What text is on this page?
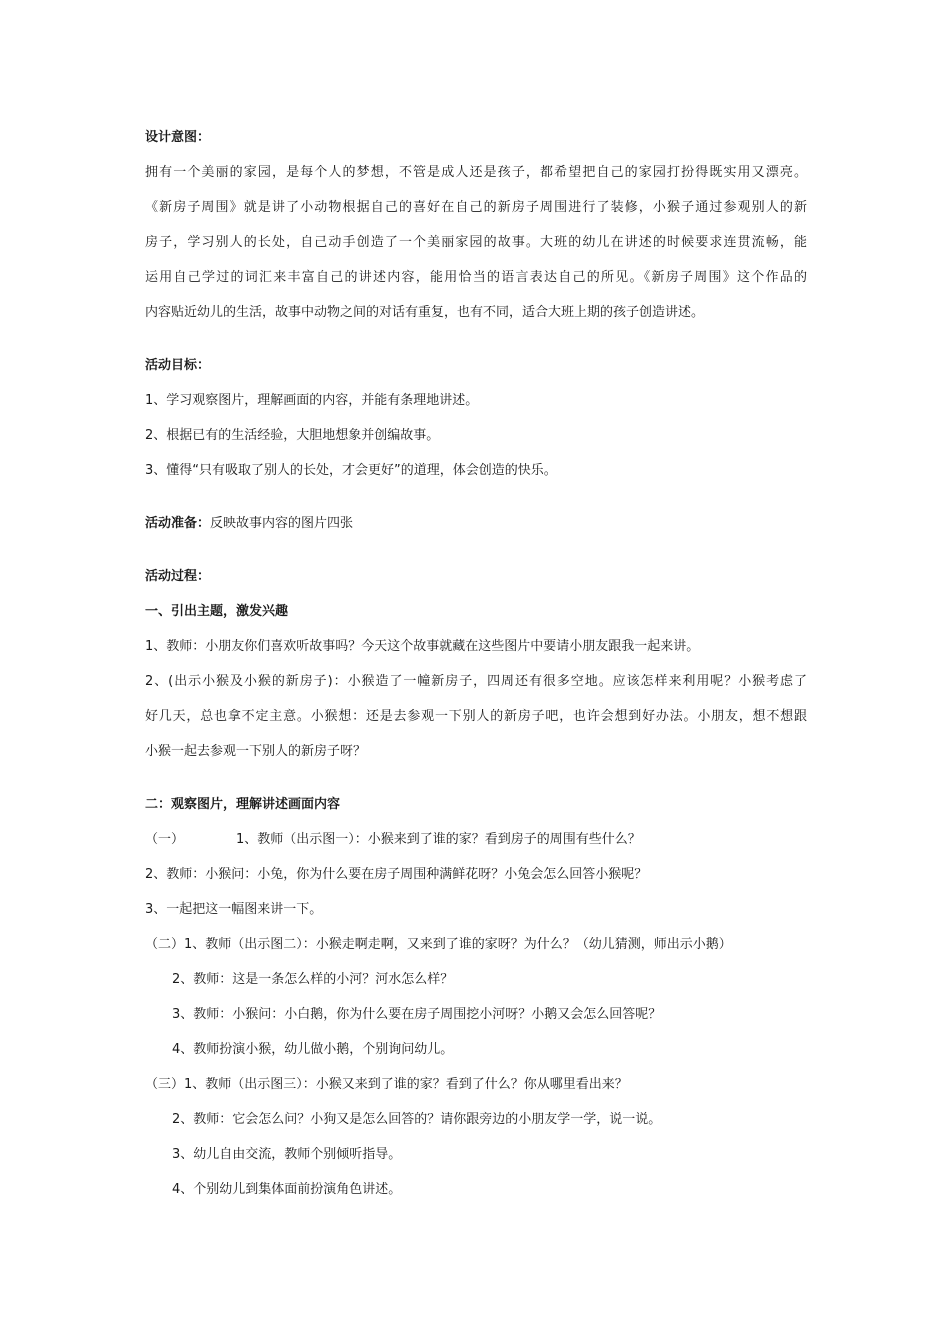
设计意图：
拥有一个美丽的家园，是每个人的梦想，不管是成人还是孩子，都希望把自己的家园打扮得既实用又漂亮。
《新房子周围》就是讲了小动物根据自己的喜好在自己的新房子周围进行了装修，小猴子通过参观别人的新
房子，学习别人的长处，自己动手创造了一个美丽家园的故事。大班的幼儿在讲述的时候要求连贯流畅，能
运用自己学过的词汇来丰富自己的讲述内容，能用恰当的语言表达自己的所见。《新房子周围》这个作品的
内容贴近幼儿的生活，故事中动物之间的对话有重复，也有不同，适合大班上期的孩子创造讲述。
活动目标：
1、学习观察图片，理解画面的内容，并能有条理地讲述。
2、根据已有的生活经验，大胆地想象并创编故事。
3、懂得“只有吸取了别人的长处，才会更好”的道理，体会创造的快乐。
活动准备：反映故事内容的图片四张
活动过程：
一、引出主题，激发兴趣
1、教师：小朋友你们喜欢听故事吗？今天这个故事就藏在这些图片中要请小朋友跟我一起来讲。
2、(出示小猴及小猴的新房子)：小猴造了一幢新房子，四周还有很多空地。应该怎样来利用呢？小猴考虑了
好几天，总也拿不定主意。小猴想：还是去参观一下别人的新房子吧，也许会想到好办法。小朋友，想不想跟
小猴一起去参观一下别人的新房子呀？
二：观察图片，理解讲述画面内容
（一）	1、教师（出示图一）：小猴来到了谁的家？看到房子的周围有些什么？
2、教师：小猴问：小兔，你为什么要在房子周围种满鲜花呀？小兔会怎么回答小猴呢？
3、一起把这一幅图来讲一下。
（二）1、教师（出示图二）：小猴走啊走啊，又来到了谁的家呀？为什么？（幼儿猜测，师出示小鹅）
2、教师：这是一条怎么样的小河？河水怎么样？
3、教师：小猴问：小白鹅，你为什么要在房子周围挖小河呀？小鹅又会怎么回答呢？
4、教师扮演小猴，幼儿做小鹅，个别询问幼儿。
（三）1、教师（出示图三）：小猴又来到了谁的家？看到了什么？你从哪里看出来？
2、教师：它会怎么问？小狗又是怎么回答的？请你跟旁边的小朋友学一学，说一说。
3、幼儿自由交流，教师个别倾听指导。
4、个别幼儿到集体面前扮演角色讲述。
